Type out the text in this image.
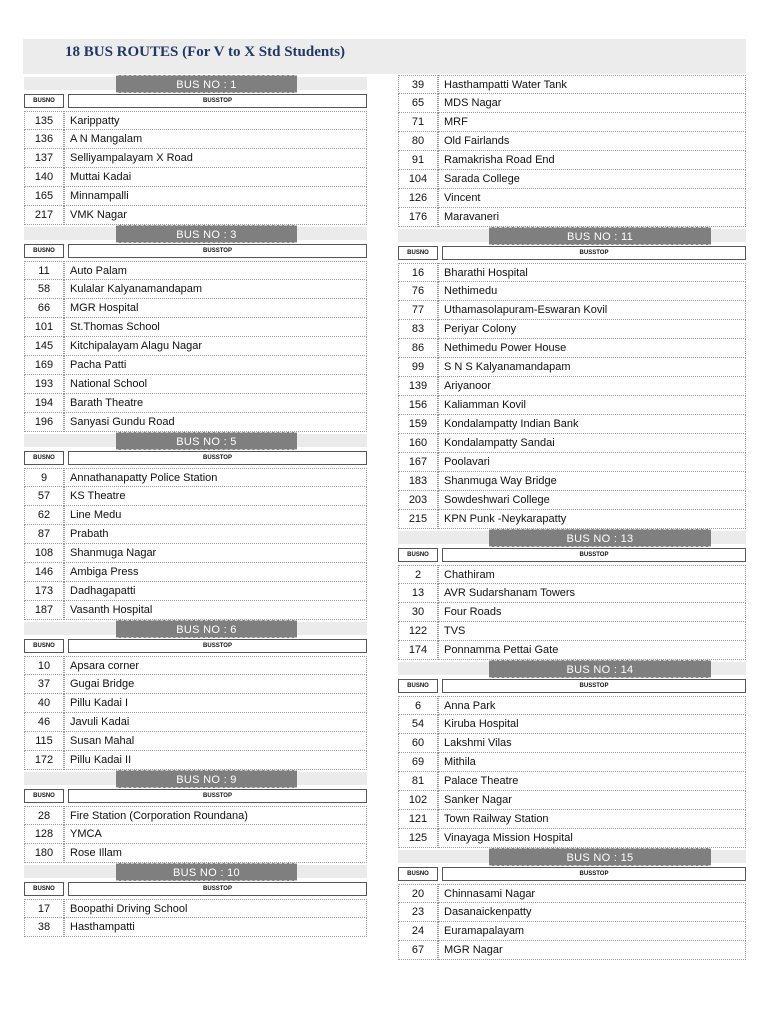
18 BUS ROUTES (For V to X Std Students)
BUS NO : 1
BUSNO	BUSSTOP
135	Karippatty
136	A N Mangalam
137	Selliyampalayam X Road
140	Muttai Kadai
165	Minnampalli
217	VMK Nagar
BUS NO : 3
BUSNO	BUSSTOP
11	Auto Palam
58	Kulalar Kalyanamandapam
66	MGR Hospital
101	St.Thomas School
145	Kitchipalayam Alagu Nagar
169	Pacha Patti
193	National School
194	Barath Theatre
196	Sanyasi Gundu Road
BUS NO : 5
BUSNO	BUSSTOP
9	Annathanapatty Police Station
57	KS Theatre
62	Line Medu
87	Prabath
108	Shanmuga Nagar
146	Ambiga Press
173	Dadhagapatti
187	Vasanth Hospital
BUS NO : 6
BUSNO	BUSSTOP
10	Apsara corner
37	Gugai Bridge
40	Pillu Kadai I
46	Javuli Kadai
115	Susan Mahal
172	Pillu Kadai II
BUS NO : 9
BUSNO	BUSSTOP
28	Fire Station (Corporation Roundana)
128	YMCA
180	Rose Illam
BUS NO : 10
BUSNO	BUSSTOP
17	Boopathi Driving School
38	Hasthampatti
39	Hasthampatti Water Tank
65	MDS Nagar
71	MRF
80	Old Fairlands
91	Ramakrisha Road End
104	Sarada College
126	Vincent
176	Maravaneri
BUS NO : 11
BUSNO	BUSSTOP
16	Bharathi Hospital
76	Nethimedu
77	Uthamasolapuram-Eswaran Kovil
83	Periyar Colony
86	Nethimedu Power House
99	S N S Kalyanamandapam
139	Ariyanoor
156	Kaliamman Kovil
159	Kondalampatty Indian Bank
160	Kondalampatty Sandai
167	Poolavari
183	Shanmuga Way Bridge
203	Sowdeshwari College
215	KPN Punk -Neykarapatty
BUS NO : 13
BUSNO	BUSSTOP
2	Chathiram
13	AVR Sudarshanam Towers
30	Four Roads
122	TVS
174	Ponnamma Pettai Gate
BUS NO : 14
BUSNO	BUSSTOP
6	Anna Park
54	Kiruba Hospital
60	Lakshmi Vilas
69	Mithila
81	Palace Theatre
102	Sanker Nagar
121	Town Railway Station
125	Vinayaga Mission Hospital
BUS NO : 15
BUSNO	BUSSTOP
20	Chinnasami Nagar
23	Dasanaickenpatty
24	Euramapalayam
67	MGR Nagar
